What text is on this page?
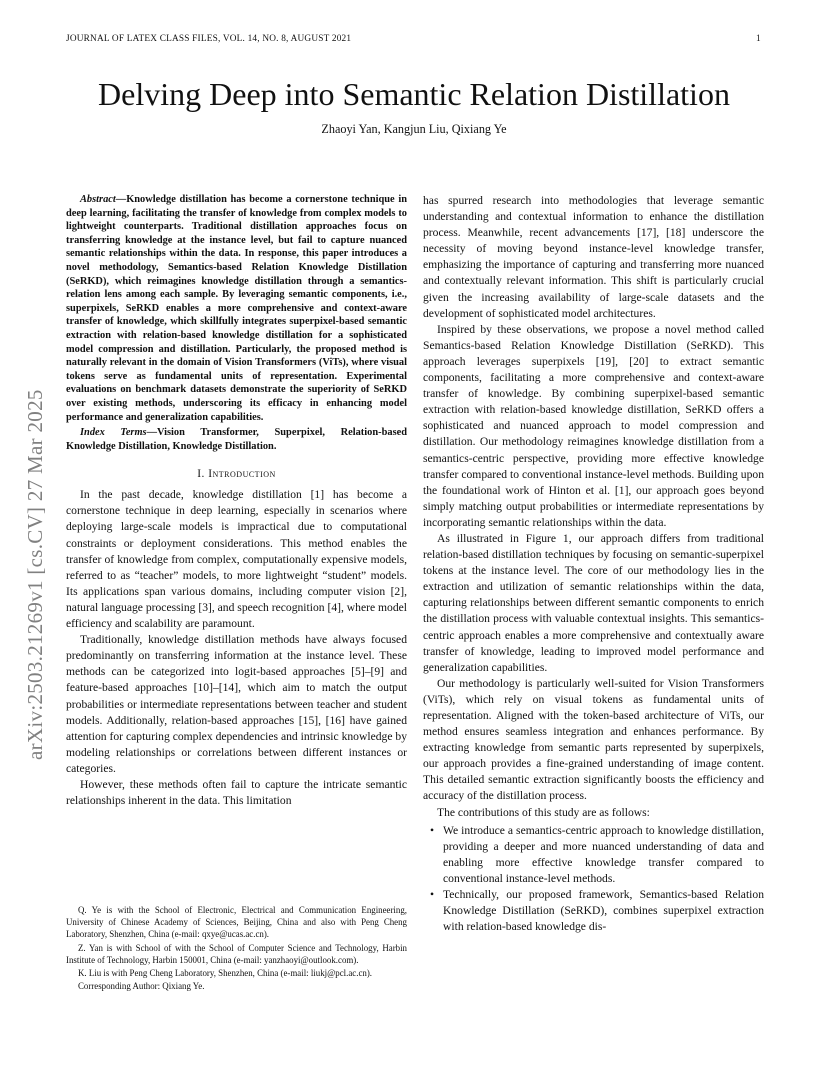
JOURNAL OF LATEX CLASS FILES, VOL. 14, NO. 8, AUGUST 2021	1
Delving Deep into Semantic Relation Distillation
Zhaoyi Yan, Kangjun Liu, Qixiang Ye
arXiv:2503.21269v1 [cs.CV] 27 Mar 2025

Abstract—Knowledge distillation has become a cornerstone technique in deep learning, facilitating the transfer of knowledge from complex models to lightweight counterparts. Traditional distillation approaches focus on transferring knowledge at the instance level, but fail to capture nuanced semantic relationships within the data. In response, this paper introduces a novel methodology, Semantics-based Relation Knowledge Distillation (SeRKD), which reimagines knowledge distillation through a semantics-relation lens among each sample. By leveraging semantic components, i.e., superpixels, SeRKD enables a more comprehensive and context-aware transfer of knowledge, which skillfully integrates superpixel-based semantic extraction with relation-based knowledge distillation for a sophisticated model compression and distillation. Particularly, the proposed method is naturally relevant in the domain of Vision Transformers (ViTs), where visual tokens serve as fundamental units of representation. Experimental evaluations on benchmark datasets demonstrate the superiority of SeRKD over existing methods, underscoring its efficacy in enhancing model performance and generalization capabilities.

Index Terms—Vision Transformer, Superpixel, Relation-based Knowledge Distillation, Knowledge Distillation.

I. Introduction

In the past decade, knowledge distillation [1] has become a cornerstone technique in deep learning, especially in scenarios where deploying large-scale models is impractical due to computational constraints or deployment considerations. This method enables the transfer of knowledge from complex, computationally expensive models, referred to as “teacher” models, to more lightweight “student” models. Its applications span various domains, including computer vision [2], natural language processing [3], and speech recognition [4], where model efficiency and scalability are paramount.

Traditionally, knowledge distillation methods have always focused predominantly on transferring information at the instance level. These methods can be categorized into logit-based approaches [5]–[9] and feature-based approaches [10]–[14], which aim to match the output probabilities or intermediate representations between teacher and student models. Additionally, relation-based approaches [15], [16] have gained attention for capturing complex dependencies and intrinsic knowledge by modeling relationships or correlations between different instances or categories.

However, these methods often fail to capture the intricate semantic relationships inherent in the data. This limitation

Q. Ye is with the School of Electronic, Electrical and Communication Engineering, University of Chinese Academy of Sciences, Beijing, China and also with Peng Cheng Laboratory, Shenzhen, China (e-mail: qxye@ucas.ac.cn).

Z. Yan is with School of with the School of Computer Science and Technology, Harbin Institute of Technology, Harbin 150001, China (e-mail: yanzhaoyi@outlook.com).

K. Liu is with Peng Cheng Laboratory, Shenzhen, China (e-mail: liukj@pcl.ac.cn).

Corresponding Author: Qixiang Ye.

has spurred research into methodologies that leverage semantic understanding and contextual information to enhance the distillation process. Meanwhile, recent advancements [17], [18] underscore the necessity of moving beyond instance-level knowledge transfer, emphasizing the importance of capturing and transferring more nuanced and contextually relevant information. This shift is particularly crucial given the increasing availability of large-scale datasets and the development of sophisticated model architectures.

Inspired by these observations, we propose a novel method called Semantics-based Relation Knowledge Distillation (SeRKD). This approach leverages superpixels [19], [20] to extract semantic components, facilitating a more comprehensive and context-aware transfer of knowledge. By combining superpixel-based semantic extraction with relation-based knowledge distillation, SeRKD offers a sophisticated and nuanced approach to model compression and distillation. Our methodology reimagines knowledge distillation from a semantics-centric perspective, providing more effective knowledge transfer compared to conventional instance-level methods. Building upon the foundational work of Hinton et al. [1], our approach goes beyond simply matching output probabilities or intermediate representations by incorporating semantic relationships within the data.

As illustrated in Figure 1, our approach differs from traditional relation-based distillation techniques by focusing on semantic-superpixel tokens at the instance level. The core of our methodology lies in the extraction and utilization of semantic relationships within the data, capturing relationships between different semantic components to enrich the distillation process with valuable contextual insights. This semantics-centric approach enables a more comprehensive and contextually aware transfer of knowledge, leading to improved model performance and generalization capabilities.

Our methodology is particularly well-suited for Vision Transformers (ViTs), which rely on visual tokens as fundamental units of representation. Aligned with the token-based architecture of ViTs, our method ensures seamless integration and enhances performance. By extracting knowledge from semantic parts represented by superpixels, our approach provides a fine-grained understanding of image content. This detailed semantic extraction significantly boosts the efficiency and accuracy of the distillation process.

The contributions of this study are as follows:

• We introduce a semantics-centric approach to knowledge distillation, providing a deeper and more nuanced understanding of data and enabling more effective knowledge transfer compared to conventional instance-level methods.
• Technically, our proposed framework, Semantics-based Relation Knowledge Distillation (SeRKD), combines superpixel extraction with relation-based knowledge dis-
